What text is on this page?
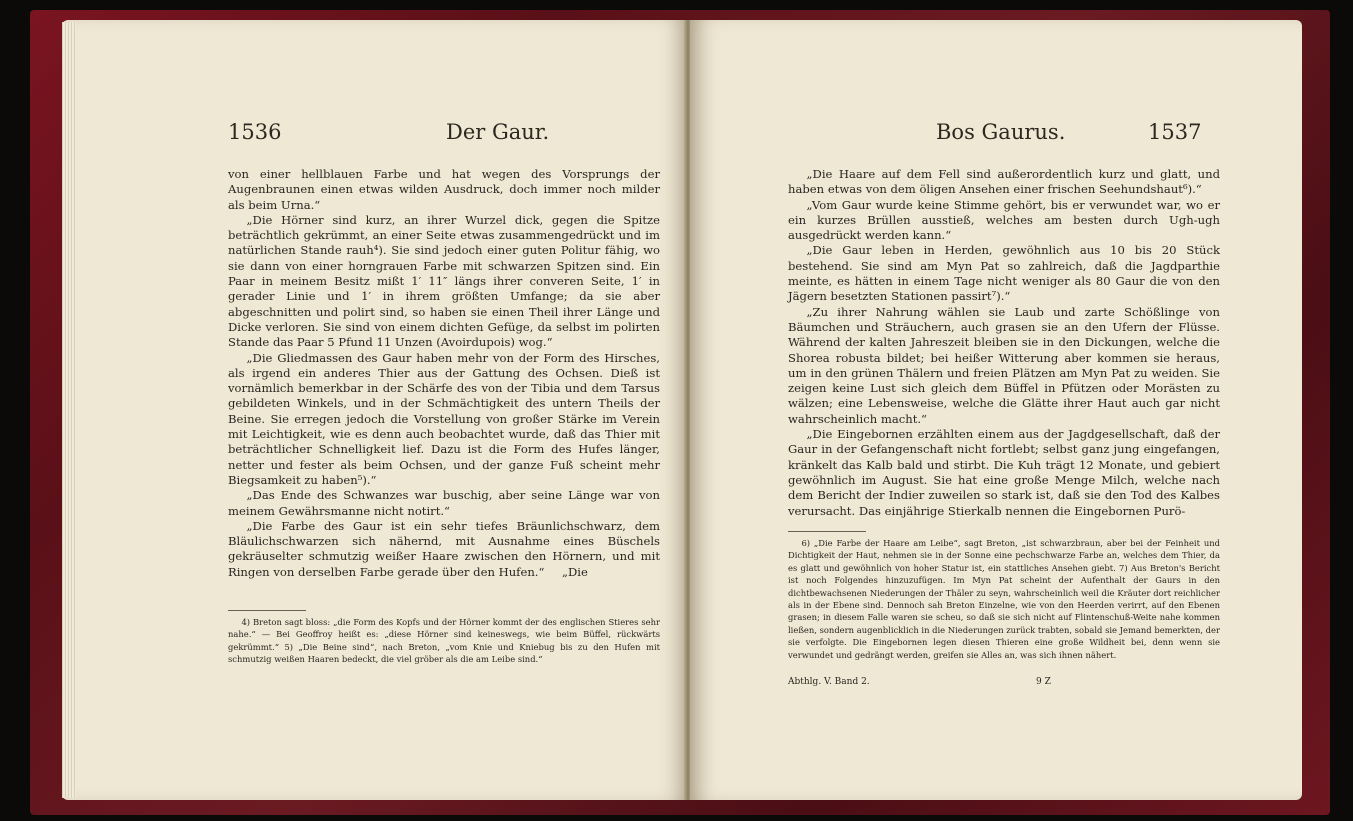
1536	Der Gaur.

von einer hellblauen Farbe und hat wegen des Vorsprungs der Augenbraunen einen etwas wilden Ausdruck, doch immer noch milder als beim Urna.“

„Die Hörner sind kurz, an ihrer Wurzel dick, gegen die Spitze beträchtlich gekrümmt, an einer Seite etwas zusammengedrückt und im natürlichen Stande rauh⁴). Sie sind jedoch einer guten Politur fähig, wo sie dann von einer horngrauen Farbe mit schwarzen Spitzen sind. Ein Paar in meinem Besitz mißt 1′ 11″ längs ihrer converen Seite, 1′ in gerader Linie und 1′ in ihrem größten Umfange; da sie aber abgeschnitten und polirt sind, so haben sie einen Theil ihrer Länge und Dicke verloren. Sie sind von einem dichten Gefüge, da selbst im polirten Stande das Paar 5 Pfund 11 Unzen (Avoirdupois) wog.“

„Die Gliedmassen des Gaur haben mehr von der Form des Hirsches, als irgend ein anderes Thier aus der Gattung des Ochsen. Dieß ist vornämlich bemerkbar in der Schärfe des von der Tibia und dem Tarsus gebildeten Winkels, und in der Schmächtigkeit des untern Theils der Beine. Sie erregen jedoch die Vorstellung von großer Stärke im Verein mit Leichtigkeit, wie es denn auch beobachtet wurde, daß das Thier mit beträchtlicher Schnelligkeit lief. Dazu ist die Form des Hufes länger, netter und fester als beim Ochsen, und der ganze Fuß scheint mehr Biegsamkeit zu haben⁵).“

„Das Ende des Schwanzes war buschig, aber seine Länge war von meinem Gewährsmanne nicht notirt.“

„Die Farbe des Gaur ist ein sehr tiefes Bräunlichschwarz, dem Bläulichschwarzen sich nähernd, mit Ausnahme eines Büschels gekräuselter schmutzig weißer Haare zwischen den Hörnern, und mit Ringen von derselben Farbe gerade über den Hufen.“	„Die

4) Breton sagt bloss: „die Form des Kopfs und der Hörner kommt der des englischen Stieres sehr nahe.“ — Bei Geoffroy heißt es: „diese Hörner sind keineswegs, wie beim Büffel, rückwärts gekrümmt.“ 5) „Die Beine sind“, nach Breton, „vom Knie und Kniebug bis zu den Hufen mit schmutzig weißen Haaren bedeckt, die viel gröber als die am Leibe sind.“

Bos Gaurus.	1537

„Die Haare auf dem Fell sind außerordentlich kurz und glatt, und haben etwas von dem öligen Ansehen einer frischen Seehundshaut⁶).“

„Vom Gaur wurde keine Stimme gehört, bis er verwundet war, wo er ein kurzes Brüllen ausstieß, welches am besten durch Ugh-ugh ausgedrückt werden kann.“

„Die Gaur leben in Herden, gewöhnlich aus 10 bis 20 Stück bestehend. Sie sind am Myn Pat so zahlreich, daß die Jagdparthie meinte, es hätten in einem Tage nicht weniger als 80 Gaur die von den Jägern besetzten Stationen passirt⁷).“

„Zu ihrer Nahrung wählen sie Laub und zarte Schößlinge von Bäumchen und Sträuchern, auch grasen sie an den Ufern der Flüsse. Während der kalten Jahreszeit bleiben sie in den Dickungen, welche die Shorea robusta bildet; bei heißer Witterung aber kommen sie heraus, um in den grünen Thälern und freien Plätzen am Myn Pat zu weiden. Sie zeigen keine Lust sich gleich dem Büffel in Pfützen oder Morästen zu wälzen; eine Lebensweise, welche die Glätte ihrer Haut auch gar nicht wahrscheinlich macht.“

„Die Eingebornen erzählten einem aus der Jagdgesellschaft, daß der Gaur in der Gefangenschaft nicht fortlebt; selbst ganz jung eingefangen, kränkelt das Kalb bald und stirbt. Die Kuh trägt 12 Monate, und gebiert gewöhnlich im August. Sie hat eine große Menge Milch, welche nach dem Bericht der Indier zuweilen so stark ist, daß sie den Tod des Kalbes verursacht. Das einjährige Stierkalb nennen die Eingebornen Purö-

6) „Die Farbe der Haare am Leibe“, sagt Breton, „ist schwarzbraun, aber bei der Feinheit und Dichtigkeit der Haut, nehmen sie in der Sonne eine pechschwarze Farbe an, welches dem Thier, da es glatt und gewöhnlich von hoher Statur ist, ein stattliches Ansehen giebt. 7) Aus Breton's Bericht ist noch Folgendes hinzuzufügen. Im Myn Pat scheint der Aufenthalt der Gaurs in den dichtbewachsenen Niederungen der Thäler zu seyn, wahrscheinlich weil die Kräuter dort reichlicher als in der Ebene sind. Dennoch sah Breton Einzelne, wie von den Heerden verirrt, auf den Ebenen grasen; in diesem Falle waren sie scheu, so daß sie sich nicht auf Flintenschuß-Weite nahe kommen ließen, sondern augenblicklich in die Niederungen zurück trabten, sobald sie Jemand bemerkten, der sie verfolgte. Die Eingebornen legen diesen Thieren eine große Wildheit bei, denn wenn sie verwundet und gedrängt werden, greifen sie Alles an, was sich ihnen nähert.

Abthlg. V. Band 2.	9 Z
